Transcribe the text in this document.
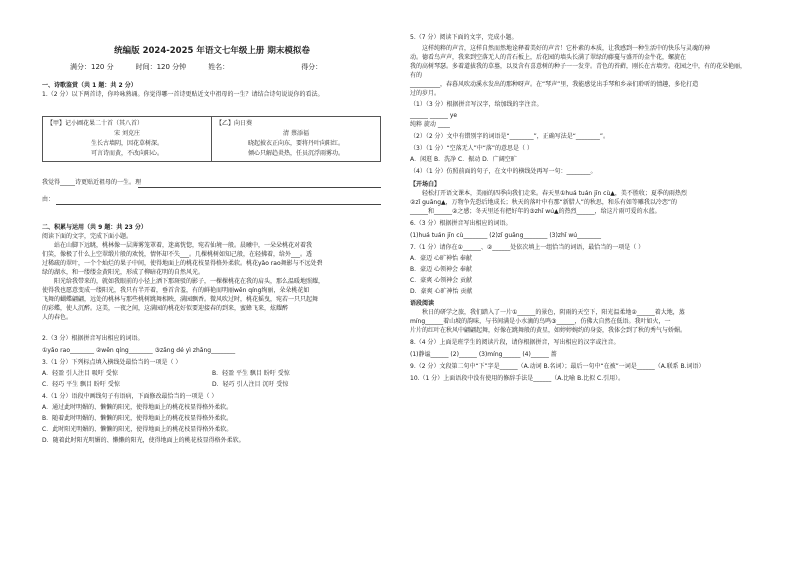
统编版 2024-2025 年语文七年级上册 期末模拟卷
满分：120 分	时间：120 分钟	姓名：	得分：

一、诗歌鉴赏（共 1 题：共 2 分）

1.（2 分）以下两首诗，你吟咏熟诵。你觉得哪一首诗更贴近文中祖母的一生？请结合诗句说说你的看法。

【甲】记小圃花果二十首（其八首）
宋 刘克庄
生长古墙阴，因花草树深。
可言诗而黄，不改向阳心。

【乙】向日葵
清 蔡添福
晓起披衣正向东，要将丹叶向阳红。
倾心只解趋炎热，任员沉浮雨雾功。

我觉得_____诗更贴近祖母的一生。理

由：

二、积累与运用（共 9 题：共 23 分）

阅读下面的文字，完成下面小题。

站在山脚下远眺，桃林像一层薄雾笼罩着，迷离恍惚，宛若仙境一般。晨曦中，一朵朵桃花对着我

们笑，像极了什么上空翠缎片般的欢悦，情怀却不失___。几棵桃树如知己般，在轻拂着，给外___。透

过稀疏的翠叶，一个个灿烂的果子中间，使得地面上的桃花枝显得格外柔软。桃花yǎo rao舞影与不远处碧

绿的湖水，和一缕缕金黄阳光，形成了柳暗花明的自然风光。

阳光给我带来的，就如我眼前的小径上洒下那斑驳的影子，一棵棵桃花在我的肩头，那么温暖地照耀，

使得我也愿意变成一缕阳光，我只有半开着，垂首含羞，有的鲜艳而明丽wēn qíng绚丽，朵朵桃花如

飞舞的蝴蝶翩翩，远处的桃林与那些桃树跳舞相映，满园飘香。微风吹过时，桃花摇曳，宛若一只只起舞

的彩蝶，使人沉醉。这美，一夜之间，这满园的桃花好似要迎接春的到来，蜜蜂飞来，炫耀醉

人的春色。

2.（3 分）根据拼音写出相应的词语。

①yǎo rao________ ②wēn qíng________ ③zǎng dé yì zhǎng________

3.（1 分）下列标点填入横线处最恰当的一项是（ ）

A．轻盈 引人注目 吸吁 受惊	B．轻盈 平生 飘目 盼吁 受惊
C．轻巧 平生 飘目 盼吁 受惊	D．轻巧 引人注目 沉吁 受惊

4.（1 分）语段中画线句子有语病，下面修改最恰当的一项是（ ）

A．通过此时明媚的、懒懒的阳光，使得地面上的桃花枝显得格外柔软。

B．随着此时明媚的、懒懒的阳光，使得地面上的桃花枝显得格外柔软。

C．此时阳光明媚的、懒懒的阳光，使得地面上的桃花枝显得格外柔软。

D．随着此时阳光明媚的、懒懒的阳光，使得地面上的桃花枝显得格外柔软。

5.（7 分）阅读下面的文字，完成小题。

这样纯粹的声音，这样自然而然地诠释着美好的声音！它朴素的本质，让我感到一种生活中的快乐与灵魂的神

动。德看鸟声声，我来到空落无人的青石板上，后花园的墙头长满了翠绿的藤蔓与盛开的金牛花，螺旋在

我的高树琴瑟。多着道拔我的草墓，以及含有喜意树的种子一一发芽。青色的苔藓，刚长在古墙旁。花园之中，有的花朵艳丽，有的

__________，春暮风吹动溪水发出的那种呀声。在“琴声”里，我能感觉出手琴和乡亲们聆听的情趣，多伦打造

过的岁月。

（1）（3 分）根据拼音写汉字，给加线的字注音。

______ ______ ye

纯粹 旋动 ____

（2）（2 分）文中有错别字的词语是“________”，正确写法是“________”。

（3）（1 分）“空落无人”中“落”的意思是（ ）

A．闲逛 B．洗净 C．振动 D．广阔空旷

（4）（1 分）仿照前面的句子，在文中的横线处再写一句：________。

【开场白】

轻松打开语文课本，美丽的四季向我们走来。春天里①huá tuán jīn cù▲，美不胜收；夏季的雨热烈

②zǐ guāng▲，万物争先恐后地成长；秋天的落叶中有那“新腊人”的秋思，和乐有如等雕我以冷恋”的

______和______②之感；冬天里还有把好年的③zhǐ wú▲的热烈______，给这片雨可爱的水蓝。

6.（3 分）根据拼音写出相应的词语。

(1)huá tuán jīn cù________ (2)zǐ guāng________ (3)zhǐ wú________

7.（1 分）请你在①______、②______处依次填上一组恰当的词语，最恰当的一项是（ ）

A．豪迈 心旷神怡 奉献

B．豪迈 心领神会 奉献

C．豪爽 心领神会 贡献

D．豪爽 心旷神怡 贡献

语段阅读

秋日的研学之旅，我们踏入了一片①______的景色，阴雨的天空下，阳光温柔地②______着大地，蒸

míng______着山坡的韵味，与书间满是小水滴的鸟鸣③______，仿佛大自然在低语。我叶如火，一

片片的红叶在秋风中翩翩起舞，好像在跳舞般的黄星，如婷婷婉约的身姿，我体会到了秋的秀气与娇媚。

8.（4 分）上面是班学生的阅读片段，请你根据拼音，写出相应的汉字或注音。

(1)静谧______ (2)______ (3)míng______ (4)______ 蔷

9.（2 分）文段第二句中“下”字是______（A.动词 B.名词）；最后一句中“在被”一词是______（A.联系 B.词语）

10.（1 分）上面语段中没有使用的修辞手法是______（A.比喻 B.比拟 C.引用）。
